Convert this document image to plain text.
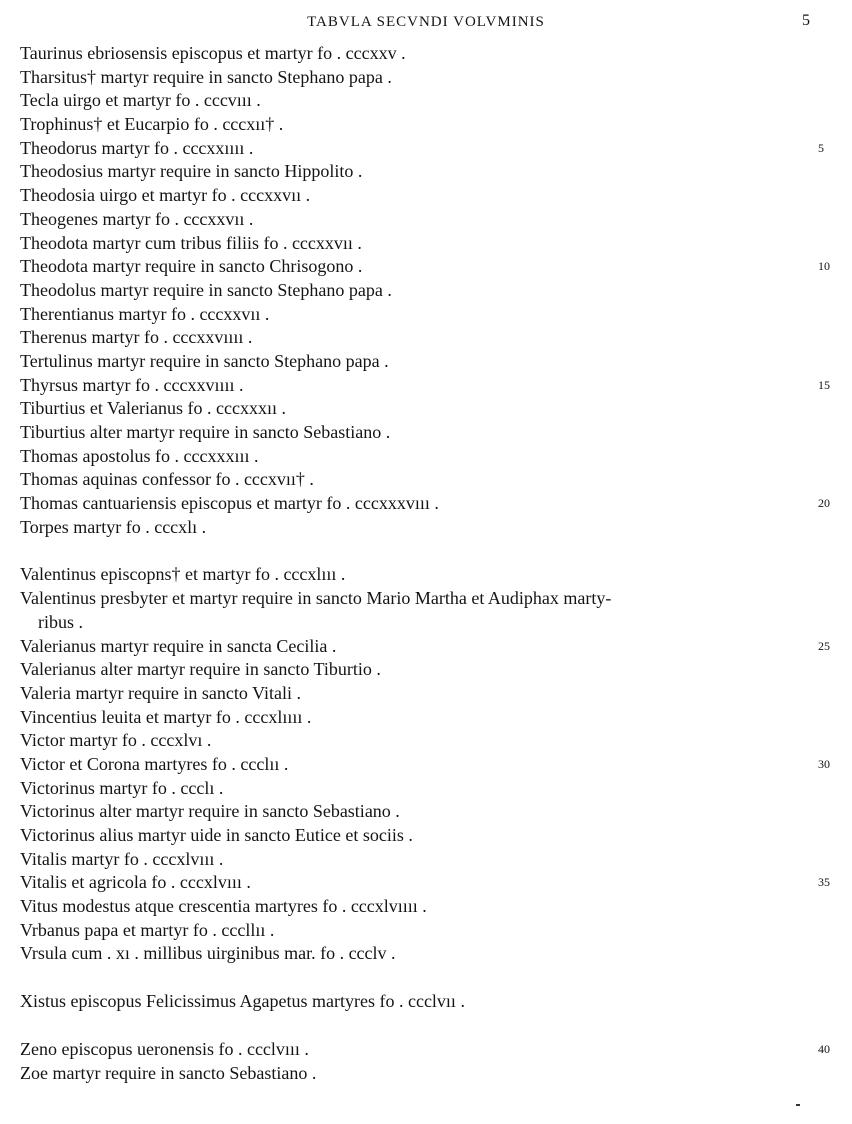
TABVLA SECVNDI VOLVMINIS	5
Taurinus ebriosensis episcopus et martyr fo . cccxxv .
Tharsitus† martyr require in sancto Stephano papa .
Tecla uirgo et martyr fo . cccvııı .
Trophinus† et Eucarpio fo . cccxıı† .
Theodorus martyr fo . cccxxıııı .	5
Theodosius martyr require in sancto Hippolito .
Theodosia uirgo et martyr fo . cccxxvıı .
Theogenes martyr fo . cccxxvıı .
Theodota martyr cum tribus filiis fo . cccxxvıı .
Theodota martyr require in sancto Chrisogono .	10
Theodolus martyr require in sancto Stephano papa .
Therentianus martyr fo . cccxxvıı .
Therenus martyr fo . cccxxvıııı .
Tertulinus martyr require in sancto Stephano papa .
Thyrsus martyr fo . cccxxvıııı .	15
Tiburtius et Valerianus fo . cccxxxıı .
Tiburtius alter martyr require in sancto Sebastiano .
Thomas apostolus fo . cccxxxııı .
Thomas aquinas confessor fo . cccxvıı† .
Thomas cantuariensis episcopus et martyr fo . cccxxxvııı .	20
Torpes martyr fo . cccxlı .
Valentinus episcopns† et martyr fo . cccxlııı .
Valentinus presbyter et martyr require in sancto Mario Martha et Audiphax marty-
ribus .
Valerianus martyr require in sancta Cecilia .	25
Valerianus alter martyr require in sancto Tiburtio .
Valeria martyr require in sancto Vitali .
Vincentius leuita et martyr fo . cccxlıııı .
Victor martyr fo . cccxlvı .
Victor et Corona martyres fo . ccclıı .	30
Victorinus martyr fo . ccclı .
Victorinus alter martyr require in sancto Sebastiano .
Victorinus alius martyr uide in sancto Eutice et sociis .
Vitalis martyr fo . cccxlvııı .
Vitalis et agricola fo . cccxlvııı .	35
Vitus modestus atque crescentia martyres fo . cccxlvıııı .
Vrbanus papa et martyr fo . cccllıı .
Vrsula cum . xı . millibus uirginibus mar. fo . ccclv .
Xistus episcopus Felicissimus Agapetus martyres fo . ccclvıı .
Zeno episcopus ueronensis fo . ccclvııı .	40
Zoe martyr require in sancto Sebastiano .
